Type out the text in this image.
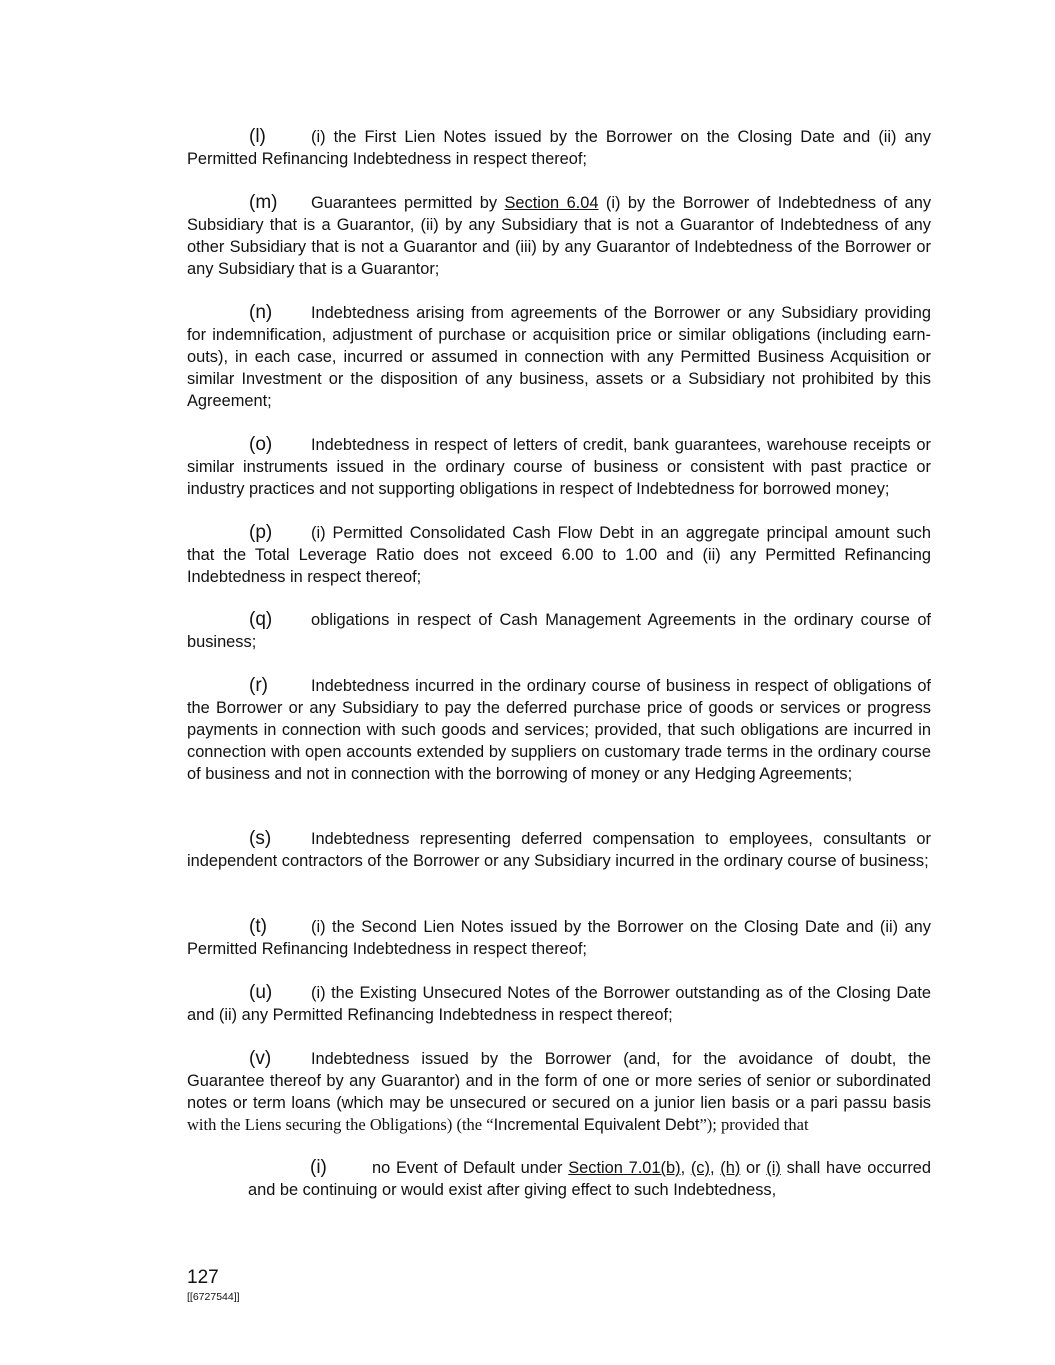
(l)	(i) the First Lien Notes issued by the Borrower on the Closing Date and (ii) any Permitted Refinancing Indebtedness in respect thereof;

(m) Guarantees permitted by Section 6.04 (i) by the Borrower of Indebtedness of any Subsidiary that is a Guarantor, (ii) by any Subsidiary that is not a Guarantor of Indebtedness of any other Subsidiary that is not a Guarantor and (iii) by any Guarantor of Indebtedness of the Borrower or any Subsidiary that is a Guarantor;

(n) Indebtedness arising from agreements of the Borrower or any Subsidiary providing for indemnification, adjustment of purchase or acquisition price or similar obligations (including earn-outs), in each case, incurred or assumed in connection with any Permitted Business Acquisition or similar Investment or the disposition of any business, assets or a Subsidiary not prohibited by this Agreement;

(o) Indebtedness in respect of letters of credit, bank guarantees, warehouse receipts or similar instruments issued in the ordinary course of business or consistent with past practice or industry practices and not supporting obligations in respect of Indebtedness for borrowed money;

(p) (i) Permitted Consolidated Cash Flow Debt in an aggregate principal amount such that the Total Leverage Ratio does not exceed 6.00 to 1.00 and (ii) any Permitted Refinancing Indebtedness in respect thereof;

(q) obligations in respect of Cash Management Agreements in the ordinary course of business;

(r)	Indebtedness incurred in the ordinary course of business in respect of obligations of the Borrower or any Subsidiary to pay the deferred purchase price of goods or services or progress payments in connection with such goods and services; provided, that such obligations are incurred in connection with open accounts extended by suppliers on customary trade terms in the ordinary course of business and not in connection with the borrowing of money or any Hedging Agreements;

(s) Indebtedness representing deferred compensation to employees, consultants or independent contractors of the Borrower or any Subsidiary incurred in the ordinary course of business;

(t)	(i) the Second Lien Notes issued by the Borrower on the Closing Date and (ii) any Permitted Refinancing Indebtedness in respect thereof;

(u) (i) the Existing Unsecured Notes of the Borrower outstanding as of the Closing Date and (ii) any Permitted Refinancing Indebtedness in respect thereof;

(v) Indebtedness issued by the Borrower (and, for the avoidance of doubt, the Guarantee thereof by any Guarantor) and in the form of one or more series of senior or subordinated notes or term loans (which may be unsecured or secured on a junior lien basis or a pari passu basis with the Liens securing the Obligations) (the “Incremental Equivalent Debt”); provided that

(i)	no Event of Default under Section 7.01(b), (c), (h) or (i) shall have occurred and be continuing or would exist after giving effect to such Indebtedness,

127
[[6727544]]
